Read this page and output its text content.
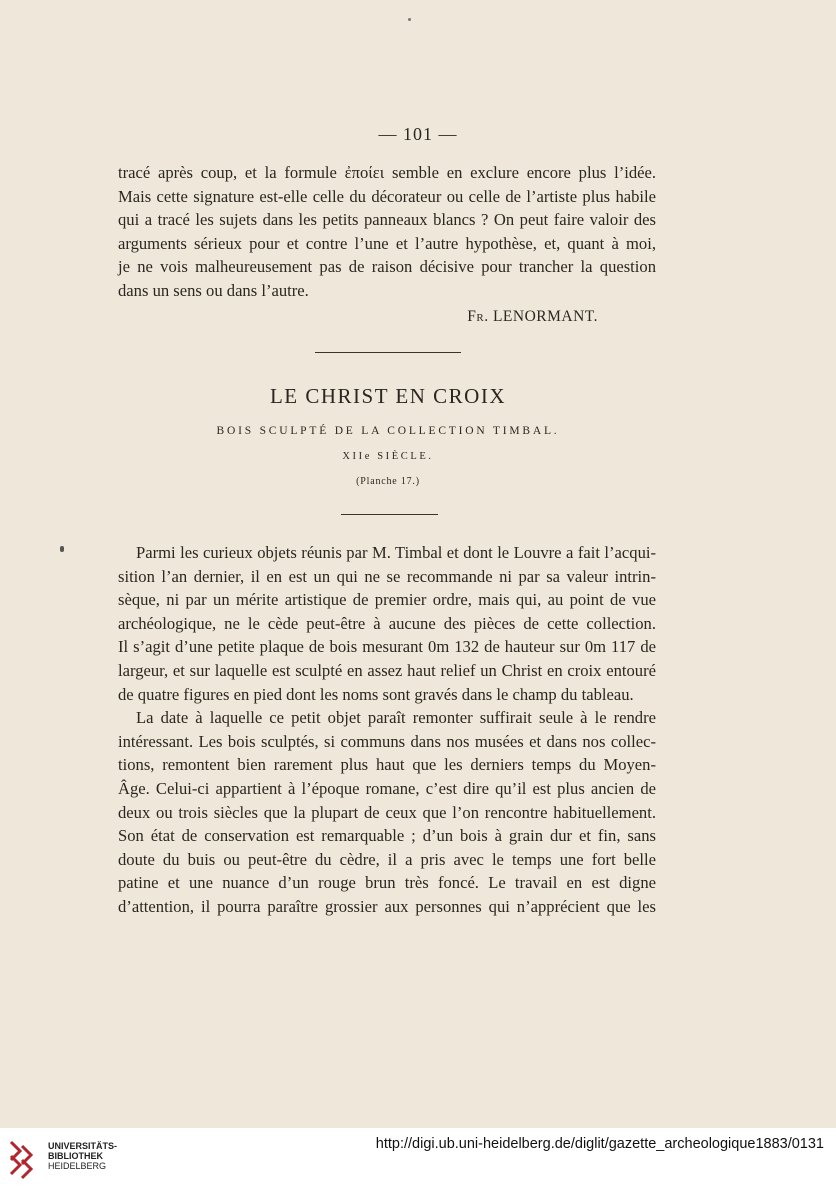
— 101 —
tracé après coup, et la formule ἐποίει semble en exclure encore plus l’idée.
Mais cette signature est-elle celle du décorateur ou celle de l’artiste plus habile
qui a tracé les sujets dans les petits panneaux blancs ? On peut faire valoir des
arguments sérieux pour et contre l’une et l’autre hypothèse, et, quant à moi,
je ne vois malheureusement pas de raison décisive pour trancher la question
dans un sens ou dans l’autre.
Fr. LENORMANT.
LE CHRIST EN CROIX
BOIS SCULPTÉ DE LA COLLECTION TIMBAL.
XIIe SIÈCLE.
(Planche 17.)
Parmi les curieux objets réunis par M. Timbal et dont le Louvre a fait l’acqui-
sition l’an dernier, il en est un qui ne se recommande ni par sa valeur intrin-
sèque, ni par un mérite artistique de premier ordre, mais qui, au point de vue
archéologique, ne le cède peut-être à aucune des pièces de cette collection.
Il s’agit d’une petite plaque de bois mesurant 0m 132 de hauteur sur 0m 117 de
largeur, et sur laquelle est sculpté en assez haut relief un Christ en croix entouré
de quatre figures en pied dont les noms sont gravés dans le champ du tableau.
La date à laquelle ce petit objet paraît remonter suffirait seule à le rendre
intéressant. Les bois sculptés, si communs dans nos musées et dans nos collec-
tions, remontent bien rarement plus haut que les derniers temps du Moyen-
Âge. Celui-ci appartient à l’époque romane, c’est dire qu’il est plus ancien de
deux ou trois siècles que la plupart de ceux que l’on rencontre habituellement.
Son état de conservation est remarquable ; d’un bois à grain dur et fin, sans
doute du buis ou peut-être du cèdre, il a pris avec le temps une fort belle
patine et une nuance d’un rouge brun très foncé. Le travail en est digne
d’attention, il pourra paraître grossier aux personnes qui n’apprécient que les
UNIVERSITÄTS-
BIBLIOTHEK
HEIDELBERG
http://digi.ub.uni-heidelberg.de/diglit/gazette_archeologique1883/0131
